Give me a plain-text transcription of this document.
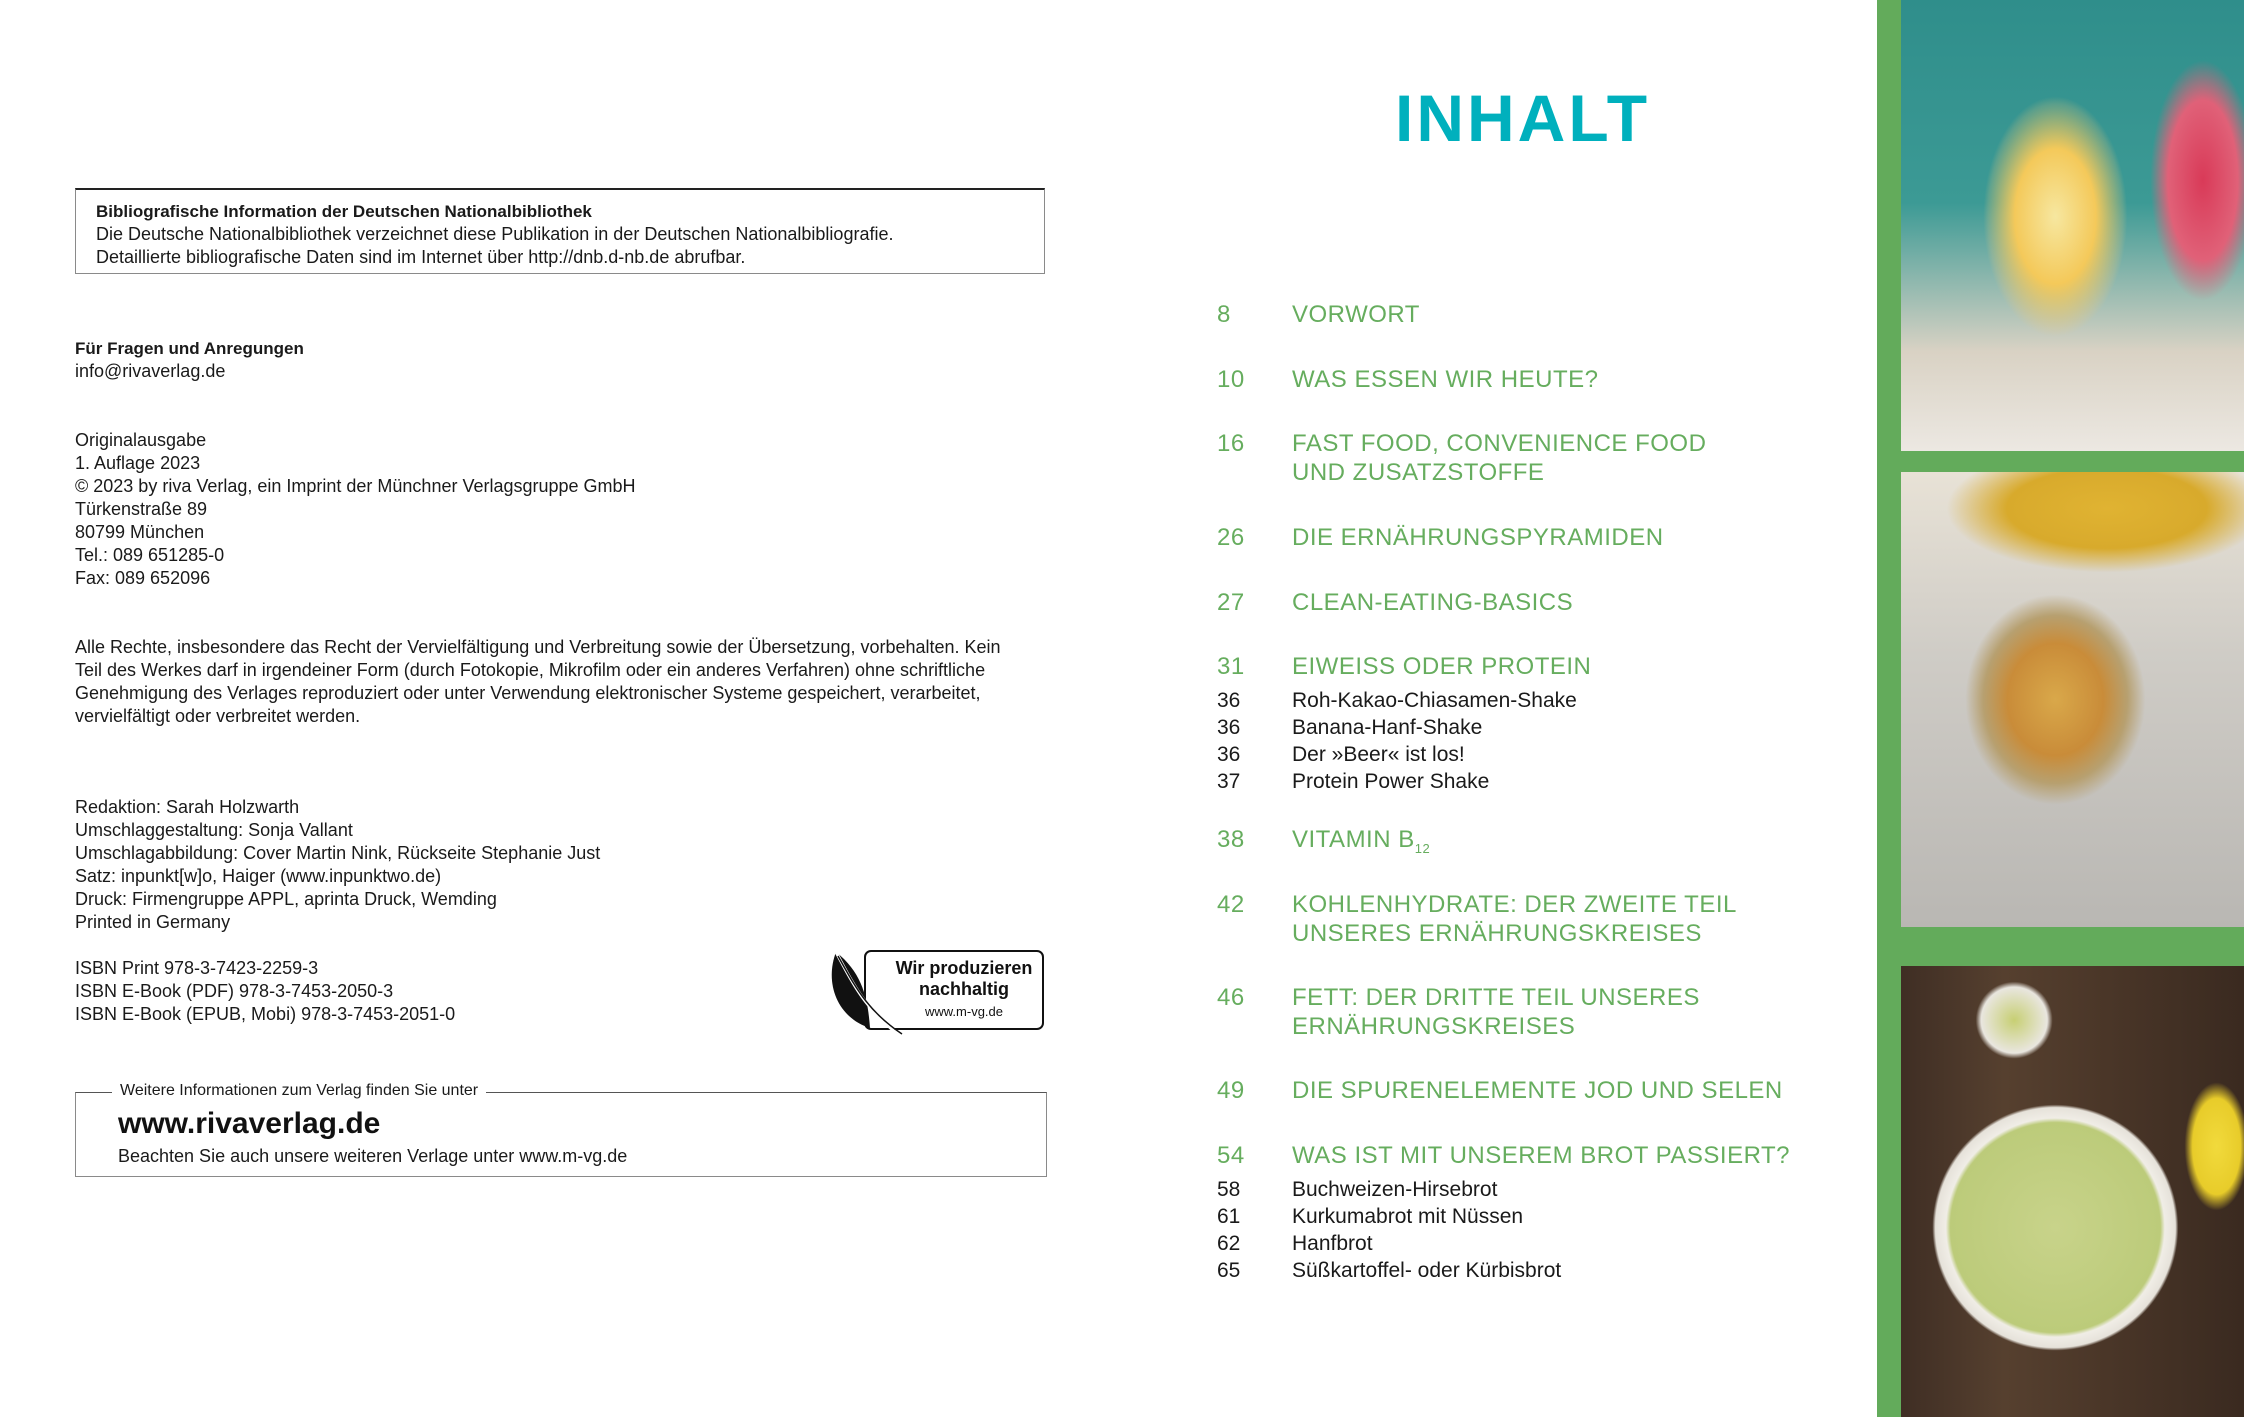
Bibliografische Information der Deutschen Nationalbibliothek
Die Deutsche Nationalbibliothek verzeichnet diese Publikation in der Deutschen Nationalbibliografie.
Detaillierte bibliografische Daten sind im Internet über http://dnb.d-nb.de abrufbar.
Für Fragen und Anregungen
info@rivaverlag.de
Originalausgabe
1. Auflage 2023
© 2023 by riva Verlag, ein Imprint der Münchner Verlagsgruppe GmbH
Türkenstraße 89
80799 München
Tel.: 089 651285-0
Fax: 089 652096
Alle Rechte, insbesondere das Recht der Vervielfältigung und Verbreitung sowie der Übersetzung, vorbehalten. Kein
Teil des Werkes darf in irgendeiner Form (durch Fotokopie, Mikrofilm oder ein anderes Verfahren) ohne schriftliche
Genehmigung des Verlages reproduziert oder unter Verwendung elektronischer Systeme gespeichert, verarbeitet,
vervielfältigt oder verbreitet werden.
Redaktion: Sarah Holzwarth
Umschlaggestaltung: Sonja Vallant
Umschlagabbildung: Cover Martin Nink, Rückseite Stephanie Just
Satz: inpunkt[w]o, Haiger (www.inpunktwo.de)
Druck: Firmengruppe APPL, aprinta Druck, Wemding
Printed in Germany
ISBN Print 978-3-7423-2259-3
ISBN E-Book (PDF) 978-3-7453-2050-3
ISBN E-Book (EPUB, Mobi) 978-3-7453-2051-0
Wir produzieren
nachhaltig
www.m-vg.de
Weitere Informationen zum Verlag finden Sie unter
www.rivaverlag.de
Beachten Sie auch unsere weiteren Verlage unter www.m-vg.de
INHALT
8	VORWORT
10 WAS ESSEN WIR HEUTE?
16 FAST FOOD, CONVENIENCE FOOD
UND ZUSATZSTOFFE
26 DIE ERNÄHRUNGSPYRAMIDEN
27 CLEAN-EATING-BASICS
31 EIWEISS ODER PROTEIN
36 Roh-Kakao-Chiasamen-Shake
36 Banana-Hanf-Shake
36 Der »Beer« ist los!
37 Protein Power Shake
38 VITAMIN $B_{12}$
42 KOHLENHYDRATE: DER ZWEITE TEIL
UNSERES ERNÄHRUNGSKREISES
46 FETT: DER DRITTE TEIL UNSERES
ERNÄHRUNGSKREISES
49 DIE SPURENELEMENTE JOD UND SELEN
54 WAS IST MIT UNSEREM BROT PASSIERT?
58 Buchweizen-Hirsebrot
61 Kurkumabrot mit Nüssen
62 Hanfbrot
65 Süßkartoffel- oder Kürbisbrot
